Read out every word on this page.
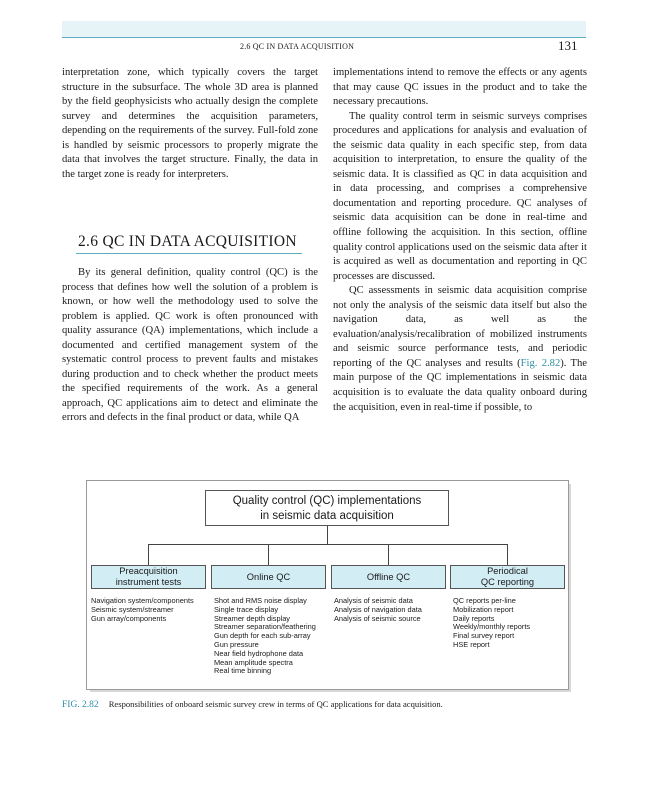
2.6 QC IN DATA ACQUISITION	131

interpretation zone, which typically covers the target structure in the subsurface. The whole 3D area is planned by the field geophysicists who actually design the complete survey and determines the acquisition parameters, depending on the requirements of the survey. Full-fold zone is handled by seismic processors to properly migrate the data that involves the target structure. Finally, the data in the target zone is ready for interpreters.

2.6 QC IN DATA ACQUISITION

By its general definition, quality control (QC) is the process that defines how well the solution of a problem is known, or how well the methodology used to solve the problem is applied. QC work is often pronounced with quality assurance (QA) implementations, which include a documented and certified management system of the systematic control process to prevent faults and mistakes during production and to check whether the product meets the specified requirements of the work. As a general approach, QC applications aim to detect and eliminate the errors and defects in the final product or data, while QA

implementations intend to remove the effects or any agents that may cause QC issues in the product and to take the necessary precautions.

The quality control term in seismic surveys comprises procedures and applications for analysis and evaluation of the seismic data quality in each specific step, from data acquisition to interpretation, to ensure the quality of the seismic data. It is classified as QC in data acquisition and in data processing, and comprises a comprehensive documentation and reporting procedure. QC analyses of seismic data acquisition can be done in real-time and offline following the acquisition. In this section, offline quality control applications used on the seismic data after it is acquired as well as documentation and reporting in QC processes are discussed.

QC assessments in seismic data acquisition comprise not only the analysis of the seismic data itself but also the navigation data, as well as the evaluation/analysis/recalibration of mobilized instruments and seismic source performance tests, and periodic reporting of the QC analyses and results (Fig. 2.82). The main purpose of the QC implementations in seismic data acquisition is to evaluate the data quality onboard during the acquisition, even in real-time if possible, to

Quality control (QC) implementations
in seismic data acquisition
Preacquisition
instrument tests
Online QC	Offline QC
Periodical
QC reporting
Navigation system/components
Seismic system/streamer
Gun array/components
Shot and RMS noise display
Single trace display
Streamer depth display
Streamer separation/feathering
Gun depth for each sub-array
Gun pressure
Near field hydrophone data
Mean amplitude spectra
Real time binning
Analysis of seismic data
Analysis of navigation data
Analysis of seismic source
QC reports per-line
Mobilization report
Daily reports
Weekly/monthly reports
Final survey report
HSE report
FIG. 2.82 Responsibilities of onboard seismic survey crew in terms of QC applications for data acquisition.
